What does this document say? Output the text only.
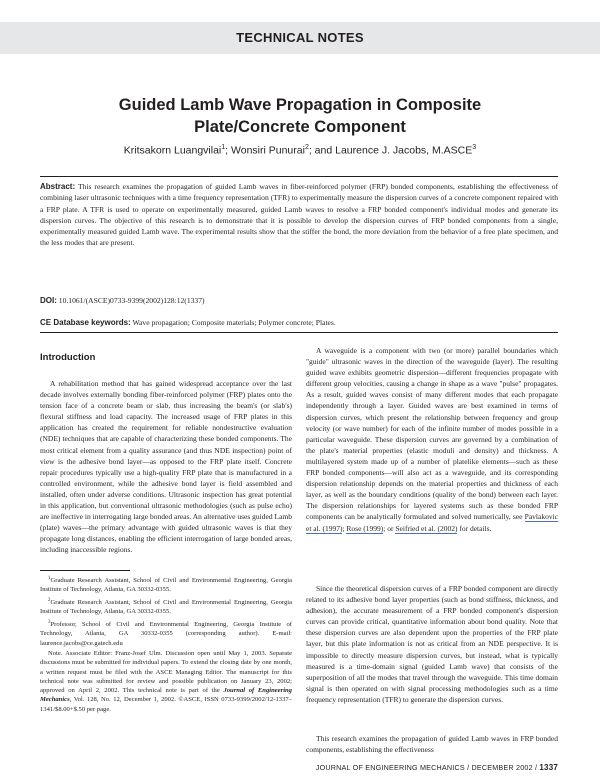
TECHNICAL NOTES
Guided Lamb Wave Propagation in Composite
Plate/Concrete Component
Kritsakorn Luangvilai$^1$; Wonsiri Punurai$^2$; and Laurence J. Jacobs, M.ASCE$^3$
Abstract: This research examines the propagation of guided Lamb waves in fiber-reinforced polymer (FRP) bonded components, establishing the effectiveness of combining laser ultrasonic techniques with a time frequency representation (TFR) to experimentally measure the dispersion curves of a concrete component repaired with a FRP plate. A TFR is used to operate on experimentally measured, guided Lamb waves to resolve a FRP bonded component's individual modes and generate its dispersion curves. The objective of this research is to demonstrate that it is possible to develop the dispersion curves of FRP bonded components from a single, experimentally measured guided Lamb wave. The experimental results show that the stiffer the bond, the more deviation from the behavior of a free plate specimen, and the less modes that are present.
DOI: 10.1061/(ASCE)0733-9399(2002)128:12(1337)
CE Database keywords: Wave propagation; Composite materials; Polymer concrete; Plates.
Introduction
A rehabilitation method that has gained widespread acceptance over the last decade involves externally bonding fiber-reinforced polymer (FRP) plates onto the tension face of a concrete beam or slab, thus increasing the beam's (or slab's) flexural stiffness and load capacity. The increased usage of FRP plates in this application has created the requirement for reliable nondestructive evaluation (NDE) techniques that are capable of characterizing these bonded components. The most critical element from a quality assurance (and thus NDE inspection) point of view is the adhesive bond layer—as opposed to the FRP plate itself. Concrete repair procedures typically use a high-quality FRP plate that is manufactured in a controlled environment, while the adhesive bond layer is field assembled and installed, often under adverse conditions. Ultrasonic inspection has great potential in this application, but conventional ultrasonic methodologies (such as pulse echo) are ineffective in interrogating large bonded areas. An alternative uses guided Lamb (plate) waves—the primary advantage with guided ultrasonic waves is that they propagate long distances, enabling the efficient interrogation of large bonded areas, including inaccessible regions.
$^1$Graduate Research Assistant, School of Civil and Environmental Engineering, Georgia Institute of Technology, Atlanta, GA 30332-0355.
$^2$Graduate Research Assistant, School of Civil and Environmental Engineering, Georgia Institute of Technology, Atlanta, GA 30332-0355.
$^3$Professor, School of Civil and Environmental Engineering, Georgia Institute of Technology, Atlanta, GA 30332-0355 (corresponding author). E-mail: laurence.jacobs@ce.gatech.edu
Note. Associate Editor: Franz-Josef Ulm. Discussion open until May 1, 2003. Separate discussions must be submitted for individual papers. To extend the closing date by one month, a written request must be filed with the ASCE Managing Editor. The manuscript for this technical note was submitted for review and possible publication on January 23, 2002; approved on April 2, 2002. This technical note is part of the Journal of Engineering Mechanics, Vol. 128, No. 12, December 1, 2002. ©ASCE, ISSN 0733-9399/2002/12-1337–1341/$8.00+$.50 per page.
A waveguide is a component with two (or more) parallel boundaries which "guide" ultrasonic waves in the direction of the waveguide (layer). The resulting guided wave exhibits geometric dispersion—different frequencies propagate with different group velocities, causing a change in shape as a wave "pulse" propagates. As a result, guided waves consist of many different modes that each propagate independently through a layer. Guided waves are best examined in terms of dispersion curves, which present the relationship between frequency and group velocity (or wave number) for each of the infinite number of modes possible in a particular waveguide. These dispersion curves are governed by a combination of the plate's material properties (elastic moduli and density) and thickness. A multilayered system made up of a number of platelike elements—such as these FRP bonded components—will also act as a waveguide, and its corresponding dispersion relationship depends on the material properties and thickness of each layer, as well as the boundary conditions (quality of the bond) between each layer. The dispersion relationships for layered systems such as these bonded FRP components can be analytically formulated and solved numerically, see Pavlakovic et al. (1997); Rose (1999); or Seifried et al. (2002) for details.
Since the theoretical dispersion curves of a FRP bonded component are directly related to its adhesive bond layer properties (such as bond stiffness, thickness, and adhesion), the accurate measurement of a FRP bonded component's dispersion curves can provide critical, quantitative information about bond quality. Note that these dispersion curves are also dependent upon the properties of the FRP plate layer, but this plate information is not as critical from an NDE perspective. It is impossible to directly measure dispersion curves, but instead, what is typically measured is a time-domain signal (guided Lamb wave) that consists of the superposition of all the modes that travel through the waveguide. This time domain signal is then operated on with signal processing methodologies such as a time frequency representation (TFR) to generate the dispersion curves.
This research examines the propagation of guided Lamb waves in FRP bonded components, establishing the effectiveness
JOURNAL OF ENGINEERING MECHANICS / DECEMBER 2002 / 1337
